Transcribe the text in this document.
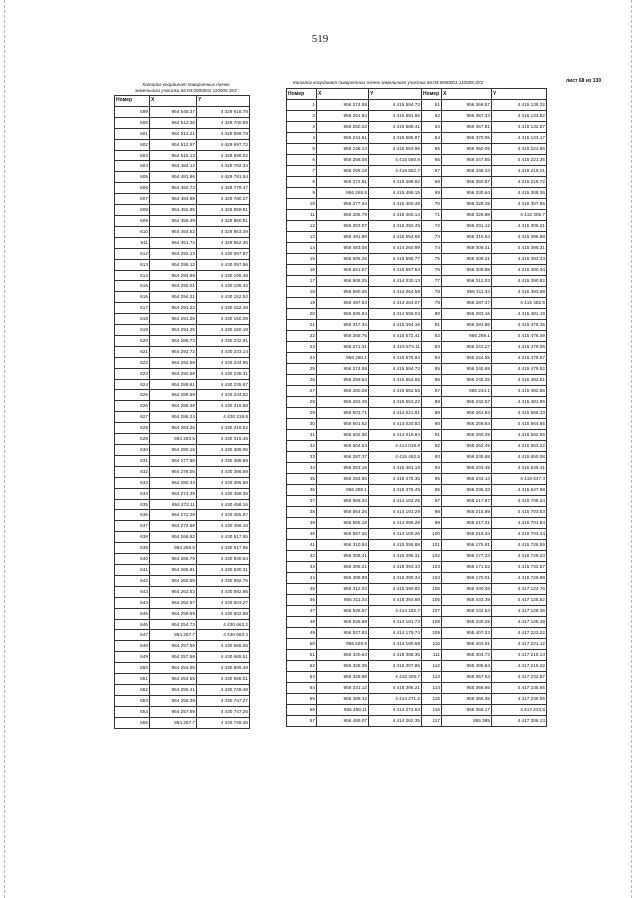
519
Каталог координат поворотных точек
земельного участка 66:04:0000001:110005:ЗУ2
Каталог координат поворотных точек земельного участка 66:04:0000001:110005:ЗУ2	лист 68 из 130
Номер	X	Y
599	954 545.37	4 429 616.78
600	954 514.36	4 429 700.59
601	954 512.21	4 429 699.79
602	954 512.97	4 429 697.72
603	954 515.13	4 429 698.52
604	954 484.12	4 429 782.34
605	954 481.96	4 429 781.54
606	954 482.73	4 429 779.47
607	954 484.88	4 429 780.27
608	954 452.85	4 429 859.81
609	954 455.49	4 429 860.81
610	954 454.52	4 429 863.49
611	954 451.72	4 429 862.36
612	954 292.13	4 430 097.87
613	954 295.12	4 430 097.96
614	954 294.99	4 430 105.48
615	954 292.01	4 430 105.42
616	954 294.21	4 430 152.52
617	954 291.22	4 430 152.48
618	954 291.26	4 430 150.09
619	954 294.25	4 430 150.19
620	954 289.73	4 430 232.91
621	954 292.72	4 430 233.14
622	954 292.68	4 430 234.95
623	954 292.58	4 430 236.31
624	954 289.61	4 430 235.97
625	954 289.69	4 430 234.82
626	954 286.48	4 430 316.68
627	954 286.24	4 430 319.8
628	954 283.26	4 430 319.52
629	954 283.5	4 430 316.45
630	954 280.16	4 430 389.06
631	954 277.88	4 430 388.88
632	954 278.05	4 430 386.69
633	954 280.34	4 430 386.88
634	954 274.39	4 430 458.35
635	954 272.11	4 430 458.16
636	954 272.28	4 430 455.97
637	954 274.58	4 430 456.16
638	954 266.82	4 430 517.55
639	954 269.8	4 430 517.85
640	954 268.79	4 430 530.54
641	954 265.81	4 430 530.31
642	954 260.55	4 430 592.75
643	954 263.53	4 430 592.95
644	954 262.67	4 430 603.27
645	954 259.69	4 430 602.98
646	954 254.73	4 430 663.2
647	954 257.7	4 430 663.3
648	954 257.56	4 430 665.06
649	954 257.58	4 430 665.51
650	954 254.55	4 430 665.49
651	954 254.55	4 430 665.01
652	954 255.41	4 430 749.48
653	954 255.39	4 430 747.27
654	954 257.69	4 430 747.26
655	954 257.7	4 430 749.46
Номер	X	Y	Номер	X	Y
1	956 274.58	4 415 594.73	61	956 369.57	4 415 135.32
2	956 261.84	4 415 591.66	62	956 367.33	4 415 134.82
3	956 250.22	4 415 588.41	63	956 367.81	4 415 132.67
4	956 241.61	4 415 585.87	64	956 370.05	4 415 133.17
5	956 246.14	4 415 563.96	65	956 350.09	4 415 221.86
6	956 258.08	4 415 550.8	66	956 347.85	4 415 221.35
7	956 256.19	4 415 552.7	67	956 348.34	4 415 219.21
8	956 272.91	4 415 498.82	68	956 350.57	4 415 219.72
9	956 265.5	4 415 499.15	69	956 330.64	4 415 308.36
10	956 277.34	4 415 460.49	70	956 328.39	4 415 307.85
11	956 285.79	4 415 460.14	71	956 328.88	4 415 305.7
12	956 303.07	4 415 392.49	72	956 331.12	4 415 306.21
13	956 491.89	4 415 554.68	73	956 310.54	4 415 396.88
14	956 483.08	4 414 260.99	74	956 308.41	4 415 396.31
15	956 605.25	4 415 596.77	75	956 309.21	4 415 393.33
16	956 621.57	4 415 597.53	76	956 309.88	4 415 390.34
17	956 606.25	4 414 030.13	77	956 312.03	4 415 390.82
18	956 590.25	4 414 064.59	78	956 311.34	4 415 393.88
19	956 497.63	4 414 264.07	79	956 287.37	4 415 482.5
20	956 505.94	4 414 556.04	80	956 283.16	4 415 481.19
21	956 317.34	4 415 394.16	81	956 284.86	4 415 475.35
22	956 265.76	4 415 572.41	82	956 289.1	4 415 476.49
23	956 271.31	4 415 574.11	83	956 243.27	4 415 479.06
24	956 280.1	4 415 576.84	84	956 244.55	4 415 479.57
25	956 274.58	4 415 594.73	85	956 245.69	4 415 479.52
26	956 259.64	4 415 564.65	86	956 245.25	4 415 482.51
27	956 260.29	4 415 562.55	87	956 244.1	4 415 482.56
28	956 262.49	4 415 563.22	88	956 242.57	4 415 481.96
29	956 603.71	4 414 021.81	89	956 261.83	4 415 565.33
30	956 601.62	4 414 020.83	90	956 259.64	4 415 564.65
31	956 602.56	4 414 018.84	91	956 260.29	4 415 562.55
32	956 604.63	4 414 019.8	92	956 262.49	4 415 563.22
33	956 287.37	4 415 482.5	93	956 235.68	4 415 650.08
34	956 283.16	4 415 481.19	94	956 233.49	4 415 649.41
35	956 284.86	4 415 475.35	95	956 234.14	4 415 647.3
36	956 289.1	4 415 476.49	96	956 236.33	4 415 647.98
37	956 566.34	4 414 102.25	97	956 217.87	4 415 705.24
38	956 564.26	4 414 101.29	98	956 215.99	4 415 703.63
39	956 565.19	4 414 099.28	99	956 217.31	4 415 701.84
40	956 567.26	4 414 100.26	100	956 219.34	4 415 703.44
41	956 310.54	4 415 396.88	101	956 175.81	4 415 726.59
42	956 308.41	4 415 396.31	102	956 177.23	4 415 729.23
43	956 309.21	4 415 393.33	103	956 171.52	4 415 732.57
44	956 309.88	4 415 390.34	104	956 170.01	4 415 729.98
45	956 312.03	4 415 390.82	105	955 430.48	4 417 124.76
46	956 311.34	4 415 393.88	106	955 433.39	4 417 125.52
47	956 528.97	4 414 182.7	107	955 432.64	4 417 128.35
48	956 526.89	4 414 181.73	108	955 430.29	4 417 125.49
49	956 527.82	4 414 179.74	109	955 407.23	4 417 222.22
50	956 529.9	4 414 180.69	110	955 403.91	4 417 221.12
51	956 330.64	4 415 308.36	111	955 404.73	4 417 215.13
52	956 328.39	4 415 307.85	112	955 408.84	4 417 216.22
53	956 328.88	4 415 305.7	113	955 367.53	4 417 232.87
54	956 331.12	4 415 306.21	114	955 368.66	4 417 235.65
55	956 489.32	4 414 271.2	115	955 366.38	4 417 236.55
56	956 489.11	4 414 274.63	116	955 365.17	4 417 233.8
57	956 489.07	4 414 262.35	117	955 385	4 417 306.13
